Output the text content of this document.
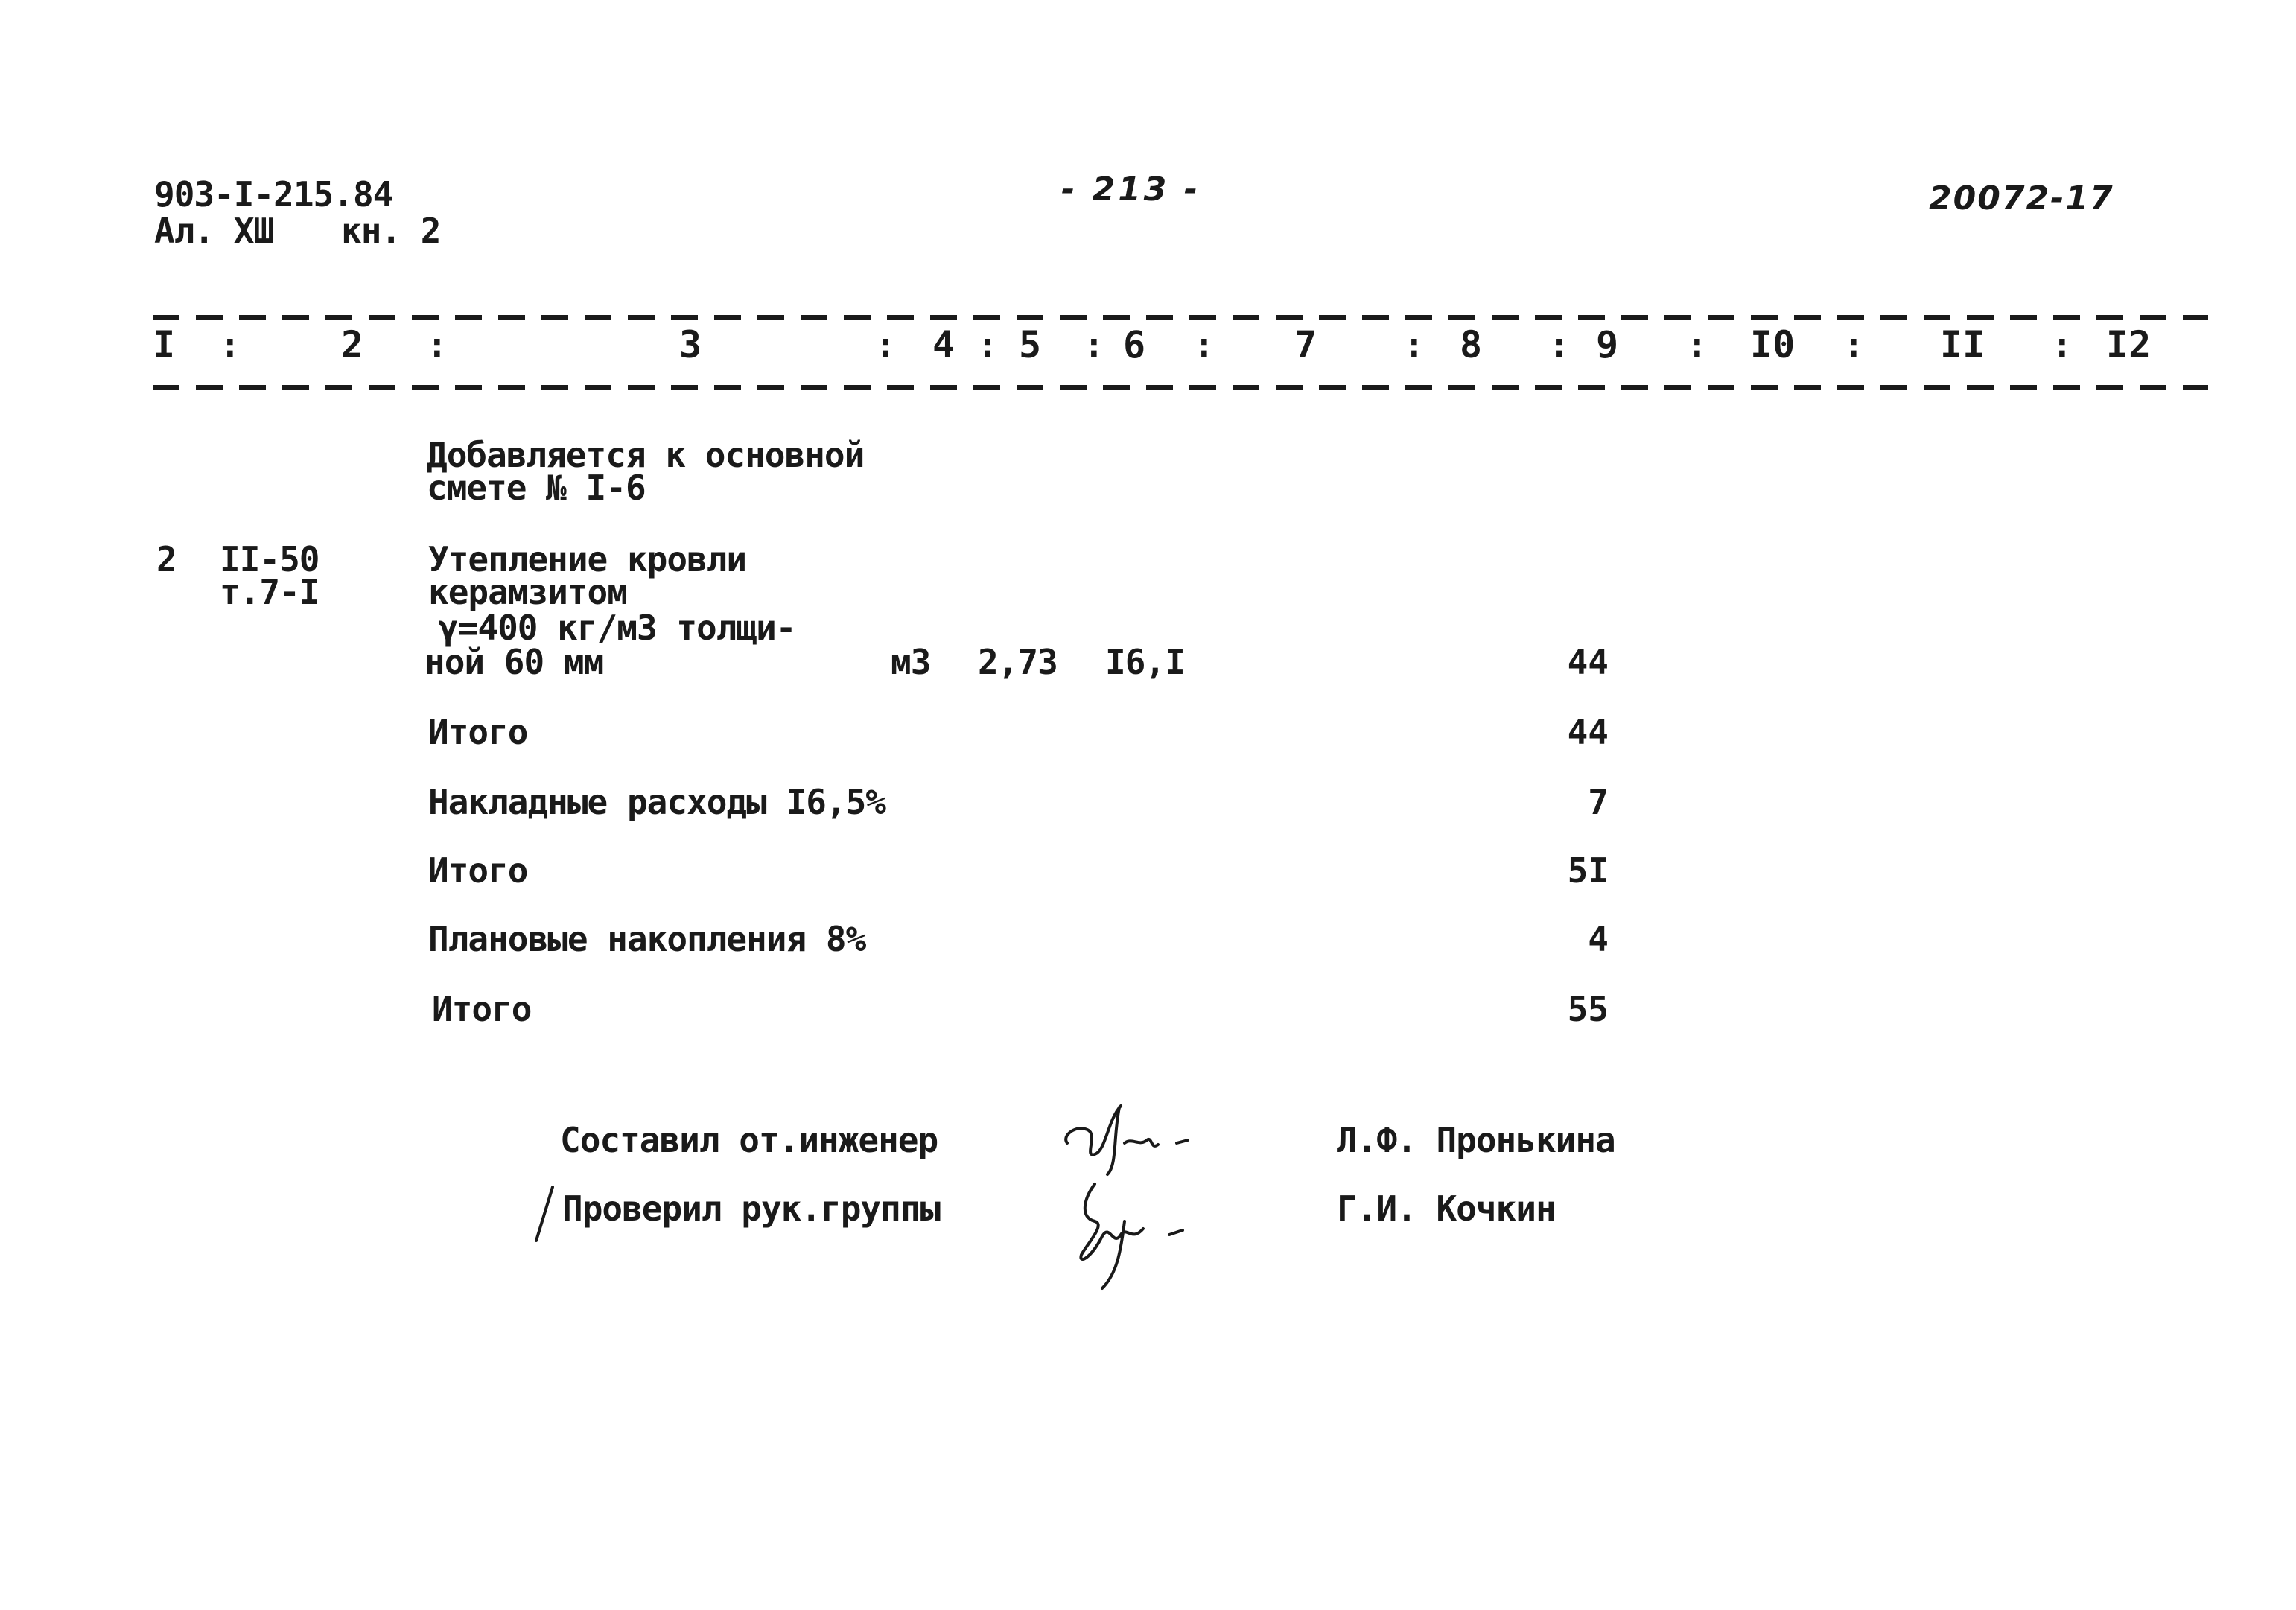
903-I-215.84
Ал. XШ кн. 2
- 213 -	20072-17
I :	2 :	3	: 4 : 5 : 6 : 7	: 8 : 9 : I0 : II : I2
Добавляется к основной
смете № I-6
2 II-50
т.7-I
Утепление кровли
керамзитом
γ=400 кг/м3 толщи-
ной 60 мм	м3 2,73 I6,I	44
Итого	44
Накладные расходы I6,5%	7
Итого	5I
Плановые накопления 8%	4
Итого	55
Составил от.инженер	Л.Ф. Пронькина
Проверил рук.группы	Г.И. Кочкин
